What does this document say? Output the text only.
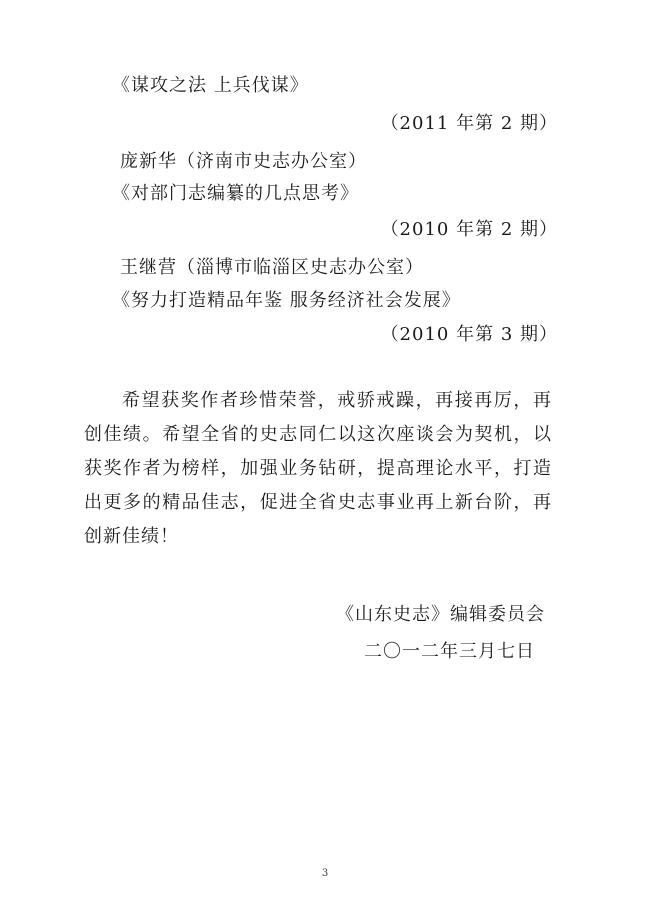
《谋攻之法 上兵伐谋》
（2011 年第 2 期）
庞新华（济南市史志办公室）
《对部门志编纂的几点思考》
（2010 年第 2 期）
王继营（淄博市临淄区史志办公室）
《努力打造精品年鉴 服务经济社会发展》
（2010 年第 3 期）

希望获奖作者珍惜荣誉，戒骄戒躁，再接再厉，再创佳绩。希望全省的史志同仁以这次座谈会为契机，以获奖作者为榜样，加强业务钻研，提高理论水平，打造出更多的精品佳志，促进全省史志事业再上新台阶，再创新佳绩！

《山东史志》编辑委员会
二〇一二年三月七日
3
